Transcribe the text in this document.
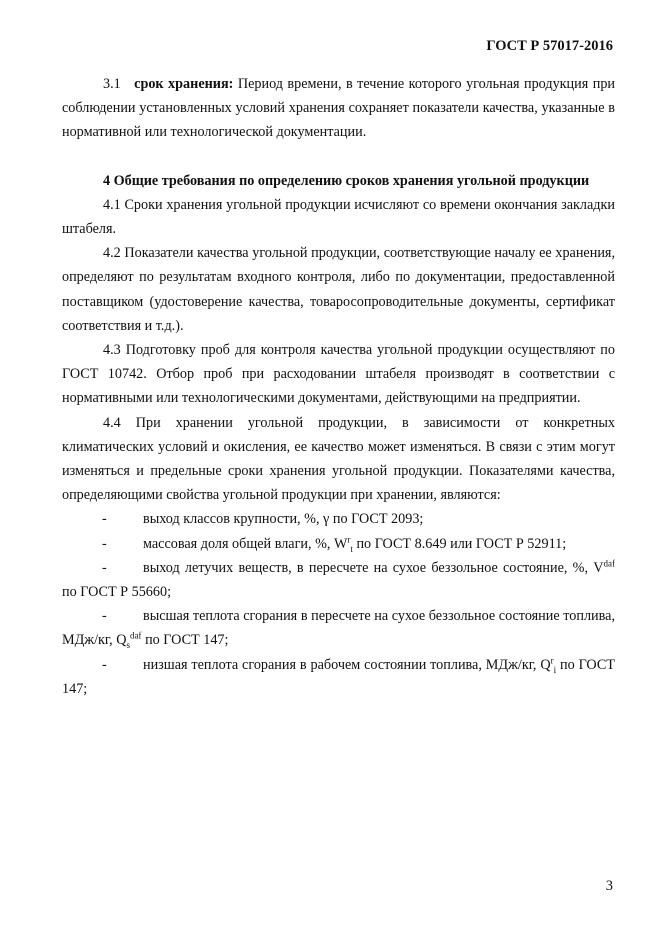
ГОСТ Р 57017-2016

3.1 срок хранения: Период времени, в течение которого угольная продукция при соблюдении установленных условий хранения сохраняет показатели качества, указанные в нормативной или технологической документации.

4 Общие требования по определению сроков хранения угольной продукции

4.1 Сроки хранения угольной продукции исчисляют со времени окончания закладки штабеля.

4.2 Показатели качества угольной продукции, соответствующие началу ее хранения, определяют по результатам входного контроля, либо по документации, предоставленной поставщиком (удостоверение качества, товаросопроводительные документы, сертификат соответствия и т.д.).

4.3 Подготовку проб для контроля качества угольной продукции осуществляют по ГОСТ 10742. Отбор проб при расходовании штабеля производят в соответствии с нормативными или технологическими документами, действующими на предприятии.

4.4 При хранении угольной продукции, в зависимости от конкретных климатических условий и окисления, ее качество может изменяться. В связи с этим могут изменяться и предельные сроки хранения угольной продукции. Показателями качества, определяющими свойства угольной продукции при хранении, являются:

-	выход классов крупности, %, γ по ГОСТ 2093;

-	массовая доля общей влаги, %, $W^r_t$ по ГОСТ 8.649 или ГОСТ Р 52911;

-	выход летучих веществ, в пересчете на сухое беззольное состояние, %, $V^{daf}$ по ГОСТ Р 55660;

-	высшая теплота сгорания в пересчете на сухое беззольное состояние топлива, МДж/кг, $Q_s^{daf}$ по ГОСТ 147;

-	низшая теплота сгорания в рабочем состоянии топлива, МДж/кг, $Q^r_i$ по ГОСТ 147;

3
